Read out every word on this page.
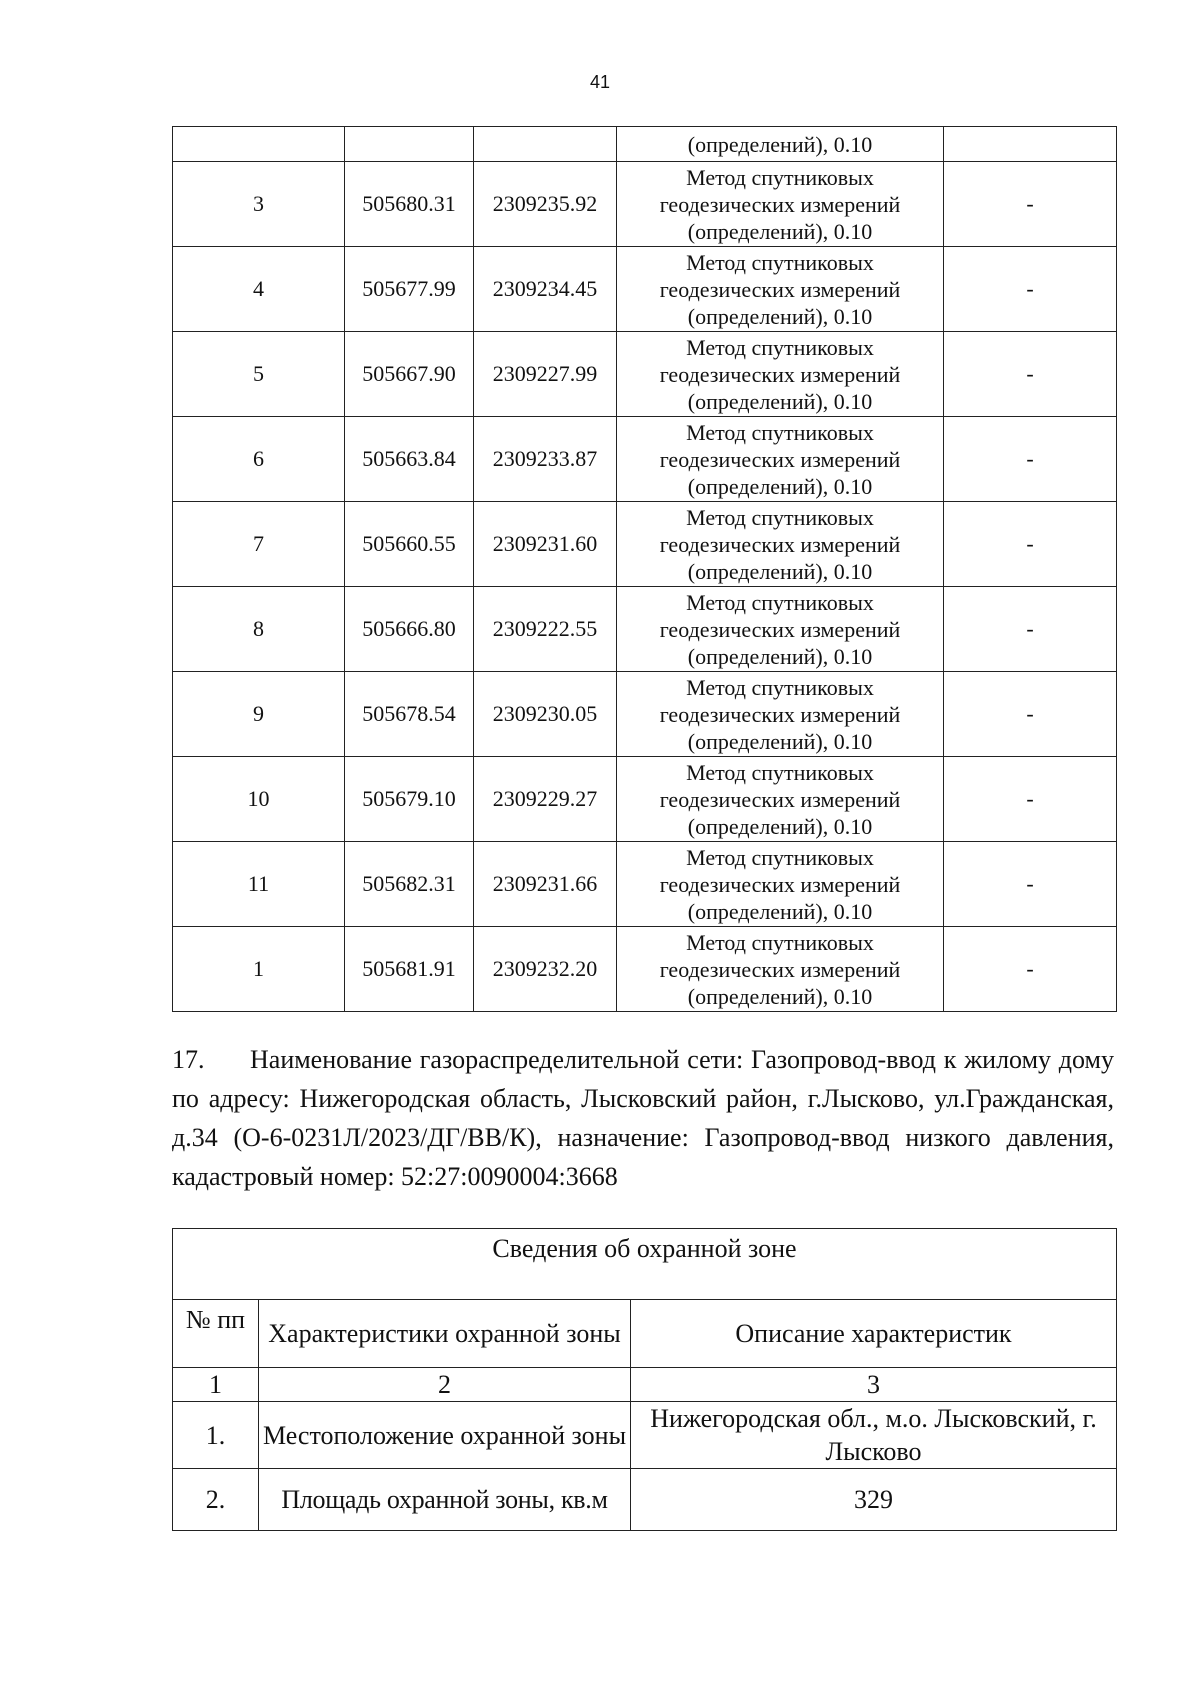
41
			(определений), 0.10	
3	505680.31	2309235.92	Метод спутниковых
геодезических измерений
(определений), 0.10	-
4	505677.99	2309234.45	Метод спутниковых
геодезических измерений
(определений), 0.10	-
5	505667.90	2309227.99	Метод спутниковых
геодезических измерений
(определений), 0.10	-
6	505663.84	2309233.87	Метод спутниковых
геодезических измерений
(определений), 0.10	-
7	505660.55	2309231.60	Метод спутниковых
геодезических измерений
(определений), 0.10	-
8	505666.80	2309222.55	Метод спутниковых
геодезических измерений
(определений), 0.10	-
9	505678.54	2309230.05	Метод спутниковых
геодезических измерений
(определений), 0.10	-
10	505679.10	2309229.27	Метод спутниковых
геодезических измерений
(определений), 0.10	-
11	505682.31	2309231.66	Метод спутниковых
геодезических измерений
(определений), 0.10	-
1	505681.91	2309232.20	Метод спутниковых
геодезических измерений
(определений), 0.10	-

17. Наименование газораспределительной сети: Газопровод-ввод к жилому дому по адресу: Нижегородская область, Лысковский район, г.Лысково, ул.Гражданская, д.34 (О-6-0231Л/2023/ДГ/ВВ/К), назначение: Газопровод-ввод низкого давления, кадастровый номер: 52:27:0090004:3668

Сведения об охранной зоне		
№ пп	Характеристики охранной зоны	Описание характеристик
1	2	3
1.	Местоположение охранной зоны	Нижегородская обл., м.о. Лысковский, г. Лысково
2.	Площадь охранной зоны, кв.м	329
